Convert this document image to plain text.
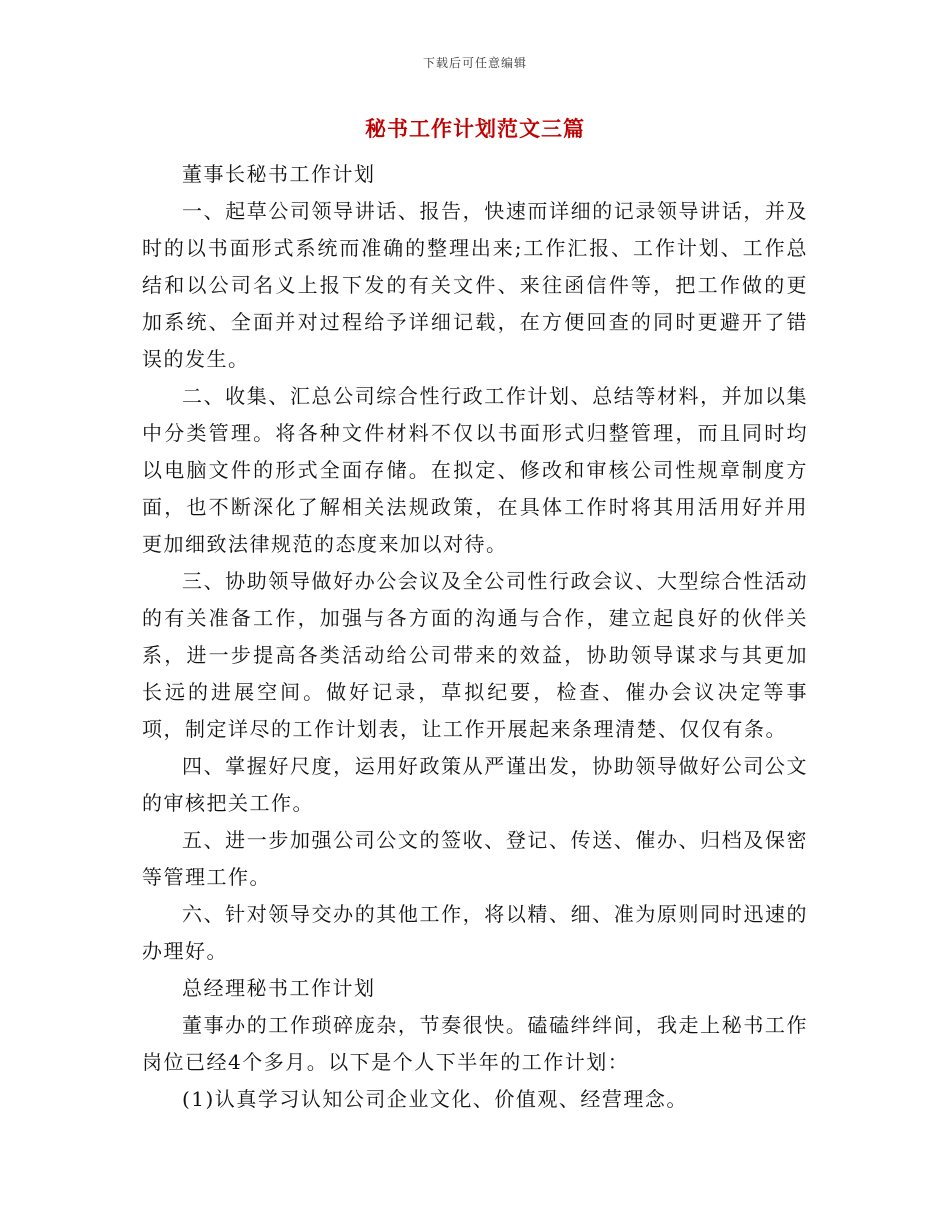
下载后可任意编辑
秘书工作计划范文三篇

董事长秘书工作计划

一、起草公司领导讲话、报告，快速而详细的记录领导讲话，并及时的以书面形式系统而准确的整理出来;工作汇报、工作计划、工作总结和以公司名义上报下发的有关文件、来往函信件等，把工作做的更加系统、全面并对过程给予详细记载，在方便回查的同时更避开了错误的发生。

二、收集、汇总公司综合性行政工作计划、总结等材料，并加以集中分类管理。将各种文件材料不仅以书面形式归整管理，而且同时均以电脑文件的形式全面存储。在拟定、修改和审核公司性规章制度方面，也不断深化了解相关法规政策，在具体工作时将其用活用好并用更加细致法律规范的态度来加以对待。

三、协助领导做好办公会议及全公司性行政会议、大型综合性活动的有关准备工作，加强与各方面的沟通与合作，建立起良好的伙伴关系，进一步提高各类活动给公司带来的效益，协助领导谋求与其更加长远的进展空间。做好记录，草拟纪要，检查、催办会议决定等事项，制定详尽的工作计划表，让工作开展起来条理清楚、仅仅有条。

四、掌握好尺度，运用好政策从严谨出发，协助领导做好公司公文的审核把关工作。

五、进一步加强公司公文的签收、登记、传送、催办、归档及保密等管理工作。

六、针对领导交办的其他工作，将以精、细、准为原则同时迅速的办理好。

总经理秘书工作计划

董事办的工作琐碎庞杂，节奏很快。磕磕绊绊间，我走上秘书工作岗位已经4个多月。以下是个人下半年的工作计划：

(1)认真学习认知公司企业文化、价值观、经营理念。
